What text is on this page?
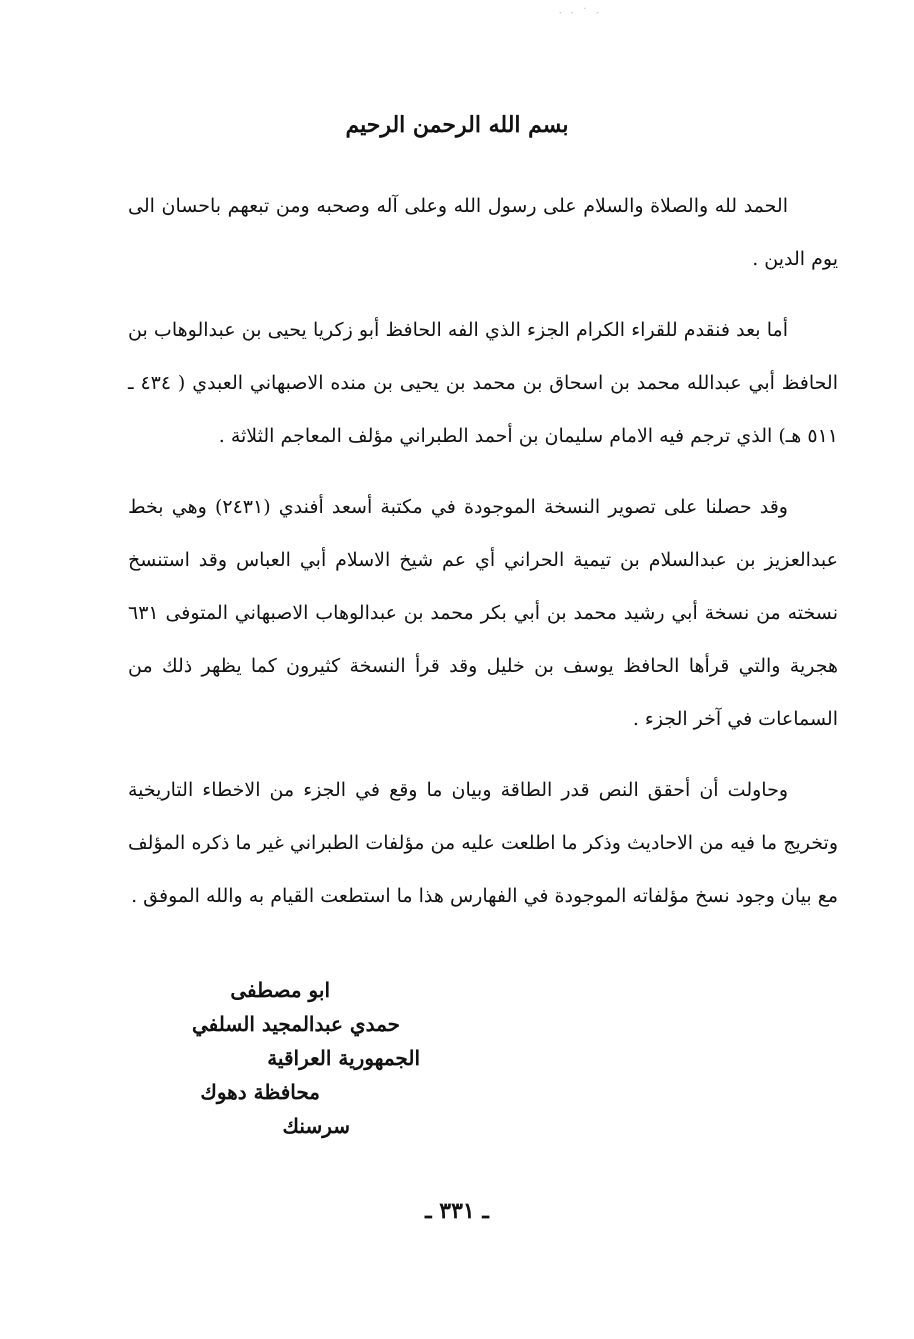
· · ˙ ·
بسم الله الرحمن الرحيم

الحمد لله والصلاة والسلام على رسول الله وعلى آله وصحبه ومن تبعهم باحسان الى يوم الدين .

أما بعد فنقدم للقراء الكرام الجزء الذي الفه الحافظ أبو زكريا يحيى بن عبدالوهاب بن الحافظ أبي عبدالله محمد بن اسحاق بن محمد بن يحيى بن منده الاصبهاني العبدي ( ٤٣٤ ـ ٥١١ هـ) الذي ترجم فيه الامام سليمان بن أحمد الطبراني مؤلف المعاجم الثلاثة .

وقد حصلنا على تصوير النسخة الموجودة في مكتبة أسعد أفندي (٢٤٣١) وهي بخط عبدالعزيز بن عبدالسلام بن تيمية الحراني أي عم شيخ الاسلام أبي العباس وقد استنسخ نسخته من نسخة أبي رشيد محمد بن أبي بكر محمد بن عبدالوهاب الاصبهاني المتوفى ٦٣١ هجرية والتي قرأها الحافظ يوسف بن خليل وقد قرأ النسخة كثيرون كما يظهر ذلك من السماعات في آخر الجزء .

وحاولت أن أحقق النص قدر الطاقة وبيان ما وقع في الجزء من الاخطاء التاريخية وتخريج ما فيه من الاحاديث وذكر ما اطلعت عليه من مؤلفات الطبراني غير ما ذكره المؤلف مع بيان وجود نسخ مؤلفاته الموجودة في الفهارس هذا ما استطعت القيام به والله الموفق .

ابو مصطفى
حمدي عبدالمجيد السلفي
الجمهورية العراقية
محافظة دهوك
سرسنك
ـ ٣٣١ ـ
